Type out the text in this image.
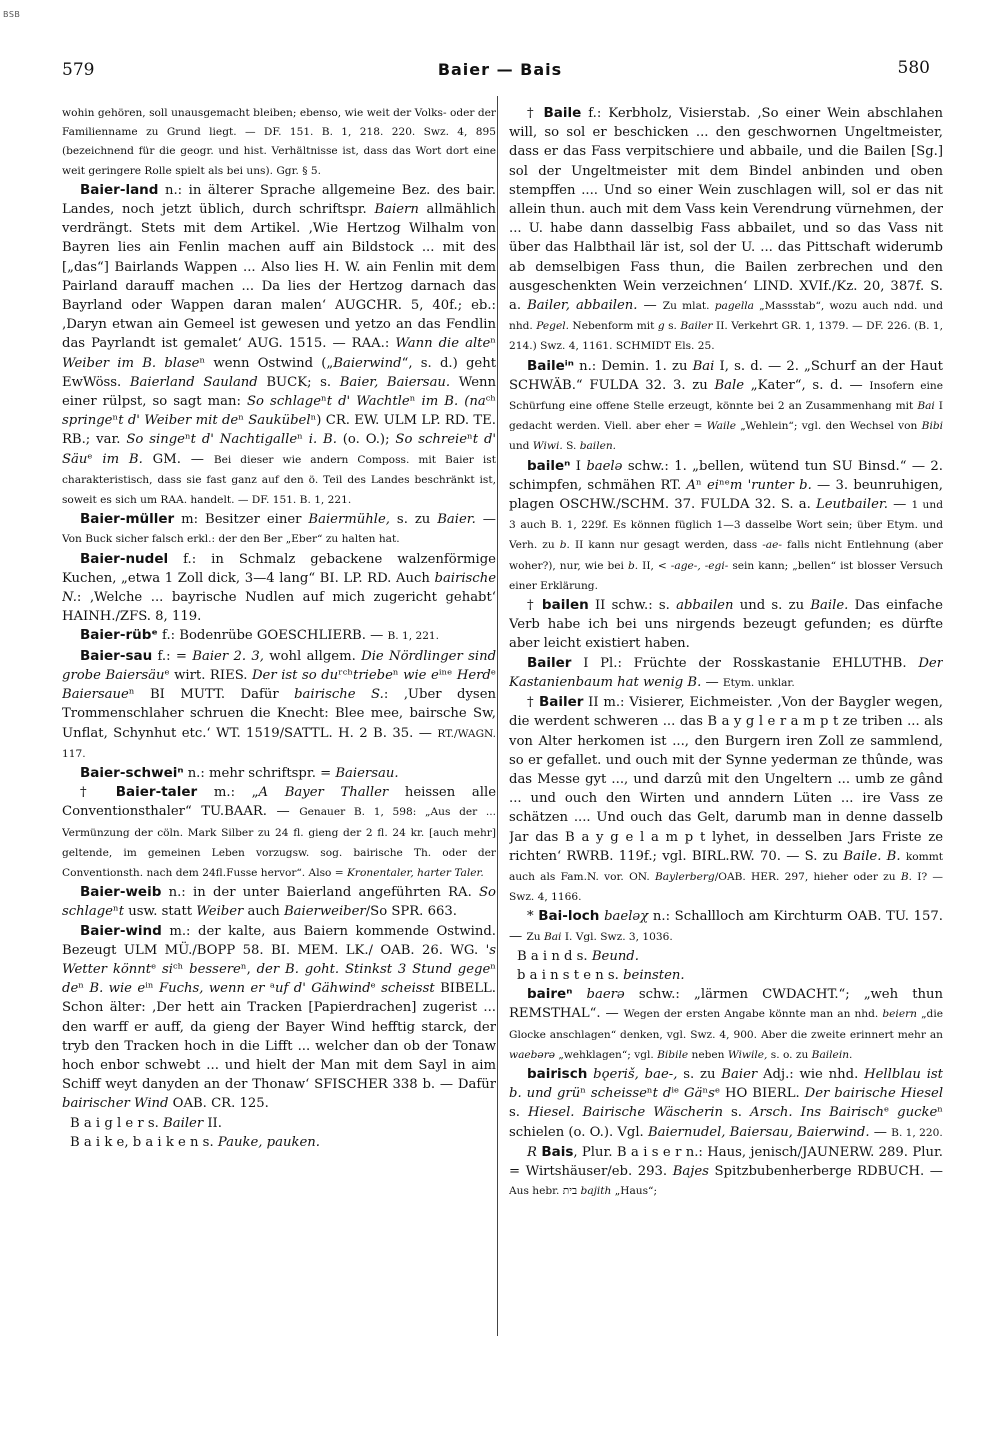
BSB
579	Baier — Bais	580

wohin gehören, soll unausgemacht bleiben; ebenso, wie weit der Volks- oder der Familienname zu Grund liegt. — DF. 151. B. 1, 218. 220. Swz. 4, 895 (bezeichnend für die geogr. und hist. Verhältnisse ist, dass das Wort dort eine weit geringere Rolle spielt als bei uns). Ggr. § 5.

Baier-land n.: in älterer Sprache allgemeine Bez. des bair. Landes, noch jetzt üblich, durch schriftspr. Baiern allmählich verdrängt. Stets mit dem Artikel. ‚Wie Hertzog Wilhalm von Bayren lies ain Fenlin machen auff ain Bildstock ... mit des [„das“] Bairlands Wappen ... Also lies H. W. ain Fenlin mit dem Pairland darauff machen ... Da lies der Hertzog darnach das Bayrland oder Wappen daran malen‘ AUGCHR. 5, 40f.; eb.: ‚Daryn etwan ain Gemeel ist gewesen und yetzo an das Fendlin das Payrlandt ist gemalet‘ AUG. 1515. — RAA.: Wann die alteⁿ Weiber im B. blaseⁿ wenn Ostwind („Baierwind“, s. d.) geht EwWöss. Baierland Sauland BUCK; s. Baier, Baiersau. Wenn einer rülpst, so sagt man: So schlageⁿt d' Wachtleⁿ im B. (naᶜʰ springeⁿt d' Weiber mit deⁿ Saukübelⁿ) CR. EW. ULM LP. RD. TE. RB.; var. So singeⁿt d' Nachtigalleⁿ i. B. (o. O.); So schreieⁿt d' Säuᵉ im B. GM. — Bei dieser wie andern Composs. mit Baier ist charakteristisch, dass sie fast ganz auf den ö. Teil des Landes beschränkt ist, soweit es sich um RAA. handelt. — DF. 151. B. 1, 221.

Baier-müller m: Besitzer einer Baiermühle, s. zu Baier. — Von Buck sicher falsch erkl.: der den Ber „Eber“ zu halten hat.

Baier-nudel f.: in Schmalz gebackene walzenförmige Kuchen, „etwa 1 Zoll dick, 3—4 lang“ BI. LP. RD. Auch bairische N.: ‚Welche ... bayrische Nudlen auf mich zugericht gehabt‘ HAINH./ZFS. 8, 119.

Baier-rübᵉ f.: Bodenrübe GOESCHLIERB. — B. 1, 221.

Baier-sau f.: = Baier 2. 3, wohl allgem. Die Nördlinger sind grobe Baiersäuᵉ wirt. RIES. Der ist so duʳᶜʰtriebeⁿ wie eⁱⁿᵉ Herdᵉ Baiersaueⁿ BI MUTT. Dafür bairische S.: ‚Uber dysen Trommenschlaher schruen die Knecht: Blee mee, bairsche Sw, Unflat, Schynhut etc.‘ WT. 1519/SATTL. H. 2 B. 35. — RT./WAGN. 117.

Baier-schweiⁿ n.: mehr schriftspr. = Baiersau.

† Baier-taler m.: „A Bayer Thaller heissen alle Conventionsthaler“ TU.BAAR. — Genauer B. 1, 598: „Aus der ... Vermünzung der cöln. Mark Silber zu 24 fl. gieng der 2 fl. 24 kr. [auch mehr] geltende, im gemeinen Leben vorzugsw. sog. bairische Th. oder der Conventionsth. nach dem 24fl.Fusse hervor“. Also = Kronentaler, harter Taler.

Baier-weib n.: in der unter Baierland angeführten RA. So schlageⁿt usw. statt Weiber auch Baierweiber/So SPR. 663.

Baier-wind m.: der kalte, aus Baiern kommende Ostwind. Bezeugt ULM MÜ./BOPP 58. BI. MEM. LK./ OAB. 26. WG. 's Wetter könntᵉ siᶜʰ bessereⁿ, der B. goht. Stinkst 3 Stund gegeⁿ deⁿ B. wie eⁱⁿ Fuchs, wenn er ᵃuf d' Gähwindᵉ scheisst BIBELL. Schon älter: ‚Der hett ain Tracken [Papierdrachen] zugerist ... den warff er auff, da gieng der Bayer Wind hefftig starck, der tryb den Tracken hoch in die Lifft ... welcher dan ob der Tonaw hoch enbor schwebt ... und hielt der Man mit dem Sayl in aim Schiff weyt danyden an der Thonaw‘ SFISCHER 338 b. — Dafür bairischer Wind OAB. CR. 125.

B a i g l e r s. Bailer II.

B a i k e, b a i k e n s. Pauke, pauken.

† Baile f.: Kerbholz, Visierstab. ‚So einer Wein abschlahen will, so sol er beschicken ... den geschwornen Ungeltmeister, dass er das Fass verpitschiere und abbaile, und die Bailen [Sg.] sol der Ungeltmeister mit dem Bindel anbinden und oben stempffen .... Und so einer Wein zuschlagen will, sol er das nit allein thun. auch mit dem Vass kein Verendrung vürnehmen, der ... U. habe dann dasselbig Fass abbailet, und so das Vass nit über das Halbthail lär ist, sol der U. ... das Pittschaft widerumb ab demselbigen Fass thun, die Bailen zerbrechen und den ausgeschenkten Wein verzeichnen‘ LIND. XVIf./Kz. 20, 387f. S. a. Bailer, abbailen. — Zu mlat. pagella „Massstab“, wozu auch ndd. und nhd. Pegel. Nebenform mit g s. Bailer II. Verkehrt GR. 1, 1379. — DF. 226. (B. 1, 214.) Swz. 4, 1161. SCHMIDT Els. 25.

Baileⁱⁿ n.: Demin. 1. zu Bai I, s. d. — 2. „Schurf an der Haut SCHWÄB.“ FULDA 32. 3. zu Bale „Kater“, s. d. — Insofern eine Schürfung eine offene Stelle erzeugt, könnte bei 2 an Zusammenhang mit Bai I gedacht werden. Viell. aber eher = Waile „Wehlein“; vgl. den Wechsel von Bibi und Wiwi. S. bailen.

baileⁿ I baelə schw.: 1. „bellen, wütend tun SU Binsd.“ — 2. schimpfen, schmähen RT. Aⁿ eiⁿᵉm 'runter b. — 3. beunruhigen, plagen OSCHW./SCHM. 37. FULDA 32. S. a. Leutbailer. — 1 und 3 auch B. 1, 229f. Es können füglich 1—3 dasselbe Wort sein; über Etym. und Verh. zu b. II kann nur gesagt werden, dass -ae- falls nicht Entlehnung (aber woher?), nur, wie bei b. II, < -age-, -egi- sein kann; „bellen“ ist blosser Versuch einer Erklärung.

† bailen II schw.: s. abbailen und s. zu Baile. Das einfache Verb habe ich bei uns nirgends bezeugt gefunden; es dürfte aber leicht existiert haben.

Bailer I Pl.: Früchte der Rosskastanie EHLUTHB. Der Kastanienbaum hat wenig B. — Etym. unklar.

† Bailer II m.: Visierer, Eichmeister. ‚Von der Baygler wegen, die werdent schweren ... das B a y g l e r a m p t ze triben ... als von Alter herkomen ist ..., den Burgern iren Zoll ze sammlend, so er gefallet. und ouch mit der Synne yederman ze thûnde, was das Messe gyt ..., und darzû mit den Ungeltern ... umb ze gând ... und ouch den Wirten und anndern Lüten ... ire Vass ze schätzen .... Und ouch das Gelt, darumb man in denne dasselb Jar das B a y g e l a m p t lyhet, in desselben Jars Friste ze richten‘ RWRB. 119f.; vgl. BIRL.RW. 70. — S. zu Baile. B. kommt auch als Fam.N. vor. ON. Baylerberg/OAB. HER. 297, hieher oder zu B. I? — Swz. 4, 1166.

* Bai-loch baeləχ n.: Schallloch am Kirchturm OAB. TU. 157. — Zu Bai I. Vgl. Swz. 3, 1036.

B a i n d s. Beund.

b a i n s t e n s. beinsten.

baireⁿ baerə schw.: „lärmen CWDACHT.“; „weh thun REMSTHAL“. — Wegen der ersten Angabe könnte man an nhd. beiern „die Glocke anschlagen“ denken, vgl. Swz. 4, 900. Aber die zweite erinnert mehr an waebərə „wehklagen“; vgl. Bibile neben Wiwile, s. o. zu Bailein.

bairisch bǫeriš, bae-, s. zu Baier Adj.: wie nhd. Hellblau ist b. und grüⁿ scheisseⁿt dⁱᵉ Gäⁿsᵉ HO BIERL. Der bairische Hiesel s. Hiesel. Bairische Wäscherin s. Arsch. Ins Bairischᵉ guckeⁿ schielen (o. O.). Vgl. Baiernudel, Baiersau, Baierwind. — B. 1, 220.

R Bais, Plur. B a i s e r n.: Haus, jenisch/JAUNERW. 289. Plur. = Wirtshäuser/eb. 293. Bajes Spitzbubenherberge RDBUCH. — Aus hebr. בית bajith „Haus“;
